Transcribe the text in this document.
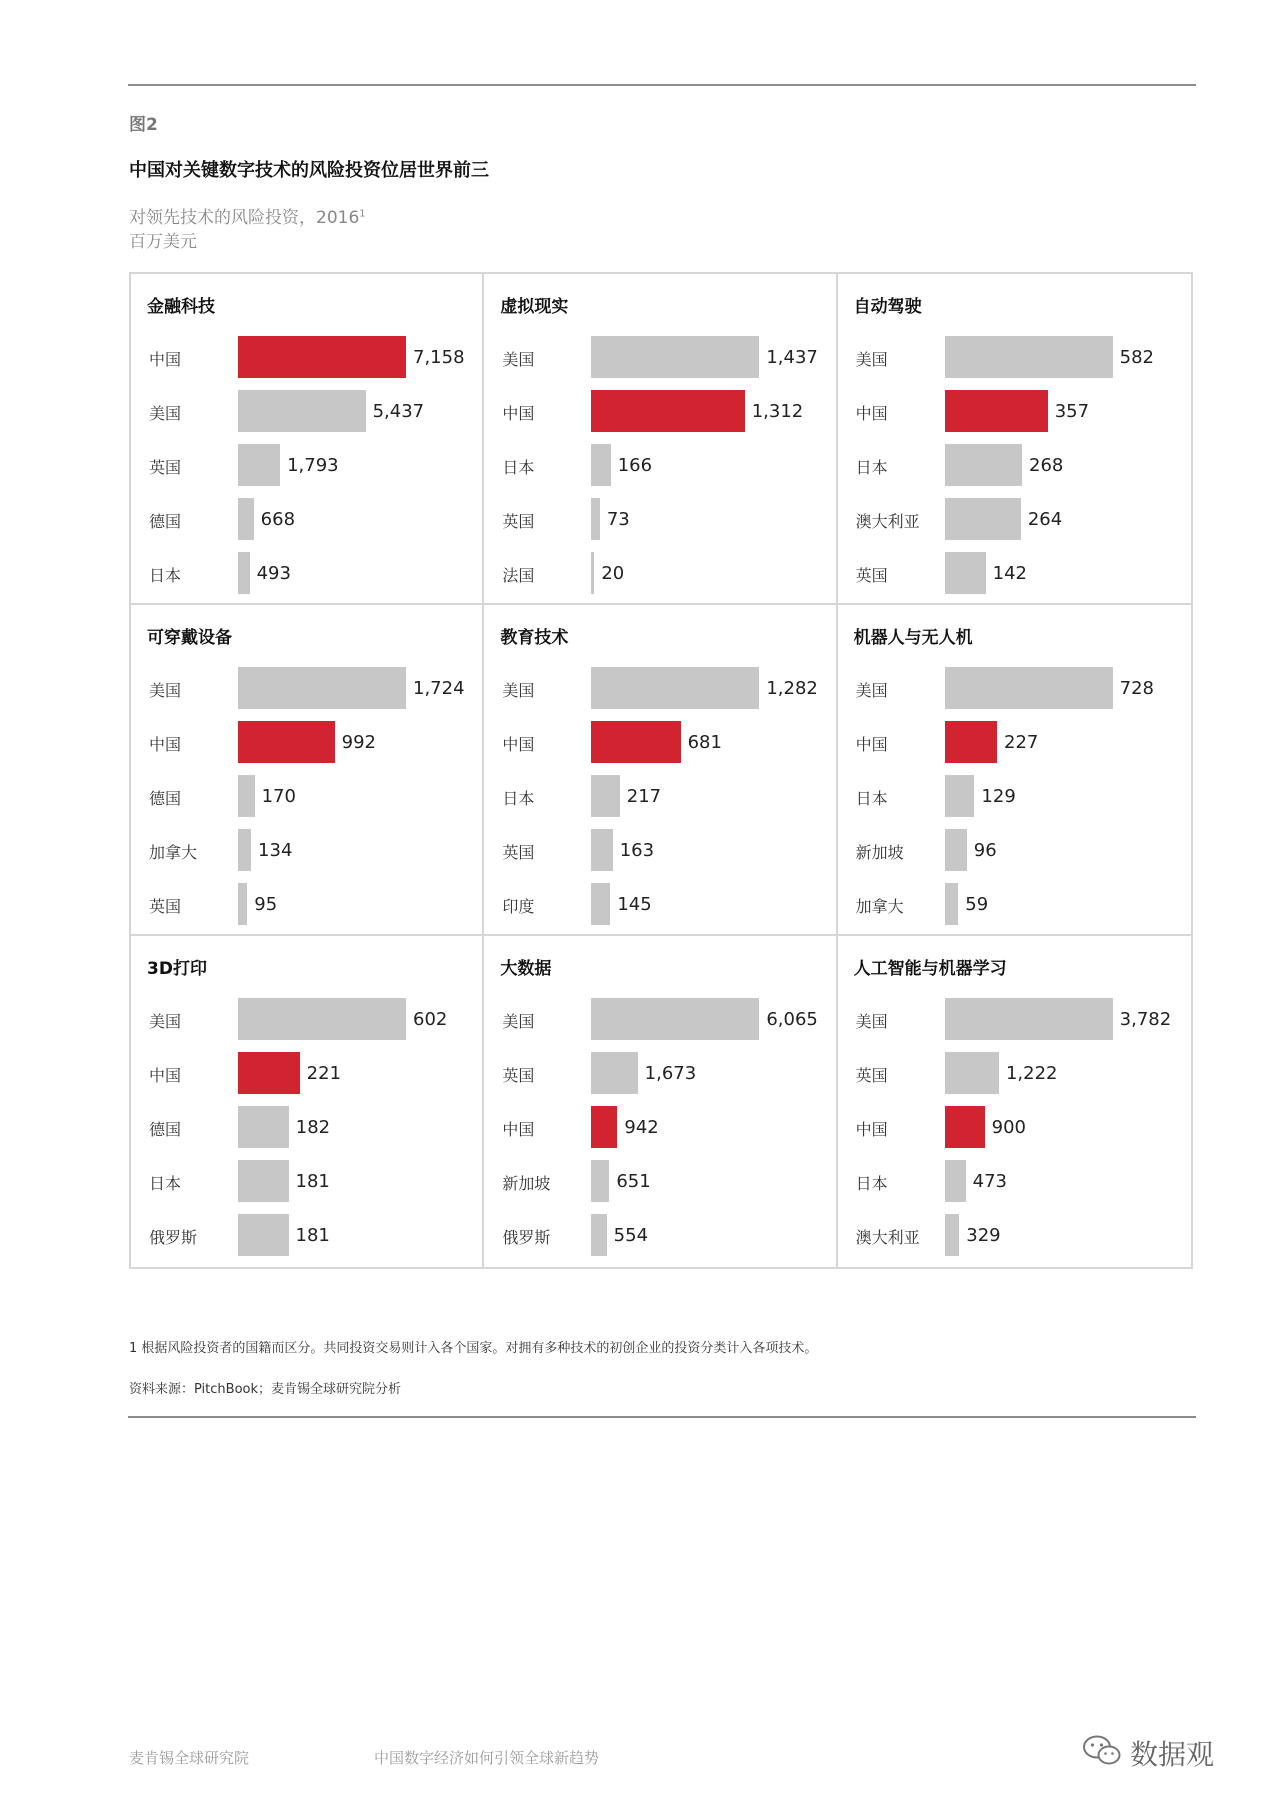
图2
中国对关键数字技术的风险投资位居世界前三
对领先技术的风险投资，2016$^1$
百万美元
金融科技
中国	7,158
美国	5,437
英国	1,793
德国	668
日本	493
虚拟现实
美国	1,437
中国	1,312
日本	166
英国	73
法国	20
自动驾驶
美国	582
中国	357
日本	268
澳大利亚	264
英国	142
可穿戴设备
美国	1,724
中国	992
德国	170
加拿大	134
英国	95
教育技术
美国	1,282
中国	681
日本	217
英国	163
印度	145
机器人与无人机
美国	728
中国	227
日本	129
新加坡	96
加拿大	59
3D打印
美国	602
中国	221
德国	182
日本	181
俄罗斯	181
大数据
美国	6,065
英国	1,673
中国	942
新加坡	651
俄罗斯	554
人工智能与机器学习
美国	3,782
英国	1,222
中国	900
日本	473
澳大利亚	329
1 根据风险投资者的国籍而区分。共同投资交易则计入各个国家。对拥有多种技术的初创企业的投资分类计入各项技术。
资料来源：PitchBook；麦肯锡全球研究院分析
麦肯锡全球研究院	中国数字经济如何引领全球新趋势	数据观
